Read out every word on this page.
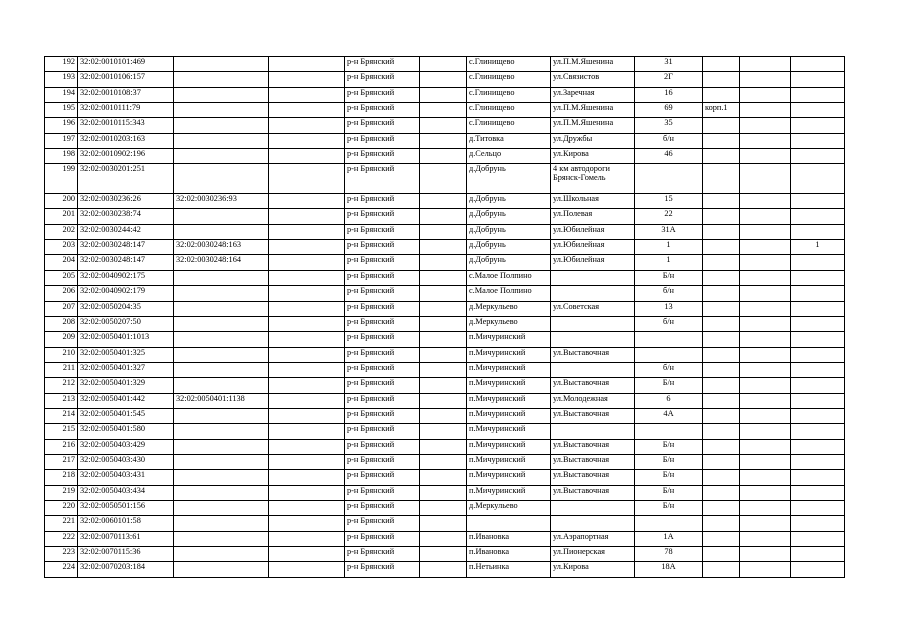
192	32:02:0010101:469			р-н Брянский		с.Глинищево	ул.П.М.Яшенина	31			
193	32:02:0010106:157			р-н Брянский		с.Глинищево	ул.Связистов	2Г			
194	32:02:0010108:37			р-н Брянский		с.Глинищево	ул.Заречная	16			
195	32:02:0010111:79			р-н Брянский		с.Глинищево	ул.П.М.Яшенина	69	корп.1		
196	32:02:0010115:343			р-н Брянский		с.Глинищево	ул.П.М.Яшенина	35			
197	32:02:0010203:163			р-н Брянский		д.Титовка	ул.Дружбы	б/н			
198	32:02:0010902:196			р-н Брянский		д.Сельцо	ул.Кирова	46			
199	32:02:0030201:251			р-н Брянский		д.Добрунь	4 км автодороги Брянск-Гомель				
200	32:02:0030236:26	32:02:0030236:93		р-н Брянский		д.Добрунь	ул.Школьная	15			
201	32:02:0030238:74			р-н Брянский		д.Добрунь	ул.Полевая	22			
202	32:02:0030244:42			р-н Брянский		д.Добрунь	ул.Юбилейная	31А			
203	32:02:0030248:147	32:02:0030248:163		р-н Брянский		д.Добрунь	ул.Юбилейная	1			1
204	32:02:0030248:147	32:02:0030248:164		р-н Брянский		д.Добрунь	ул.Юбилейная	1			
205	32:02:0040902:175			р-н Брянский		с.Малое Полпино		Б/н			
206	32:02:0040902:179			р-н Брянский		с.Малое Полпино		б/н			
207	32:02:0050204:35			р-н Брянский		д.Меркульево	ул.Советская	13			
208	32:02:0050207:50			р-н Брянский		д.Меркульево		б/н			
209	32:02:0050401:1013			р-н Брянский		п.Мичуринский					
210	32:02:0050401:325			р-н Брянский		п.Мичуринский	ул.Выставочная				
211	32:02:0050401:327			р-н Брянский		п.Мичуринский		б/н			
212	32:02:0050401:329			р-н Брянский		п.Мичуринский	ул.Выставочная	Б/н			
213	32:02:0050401:442	32:02:0050401:1138		р-н Брянский		п.Мичуринский	ул.Молодежная	6			
214	32:02:0050401:545			р-н Брянский		п.Мичуринский	ул.Выставочная	4А			
215	32:02:0050401:580			р-н Брянский		п.Мичуринский					
216	32:02:0050403:429			р-н Брянский		п.Мичуринский	ул.Выставочная	Б/н			
217	32:02:0050403:430			р-н Брянский		п.Мичуринский	ул.Выставочная	Б/н			
218	32:02:0050403:431			р-н Брянский		п.Мичуринский	ул.Выставочная	Б/н			
219	32:02:0050403:434			р-н Брянский		п.Мичуринский	ул.Выставочная	Б/н			
220	32:02:0050501:156			р-н Брянский		д.Меркульево		Б/н			
221	32:02:0060101:58			р-н Брянский							
222	32:02:0070113:61			р-н Брянский		п.Ивановка	ул.Аэрапортная	1А			
223	32:02:0070115:36			р-н Брянский		п.Ивановка	ул.Пионерская	78			
224	32:02:0070203:184			р-н Брянский		п.Нетьинка	ул.Кирова	18А			
